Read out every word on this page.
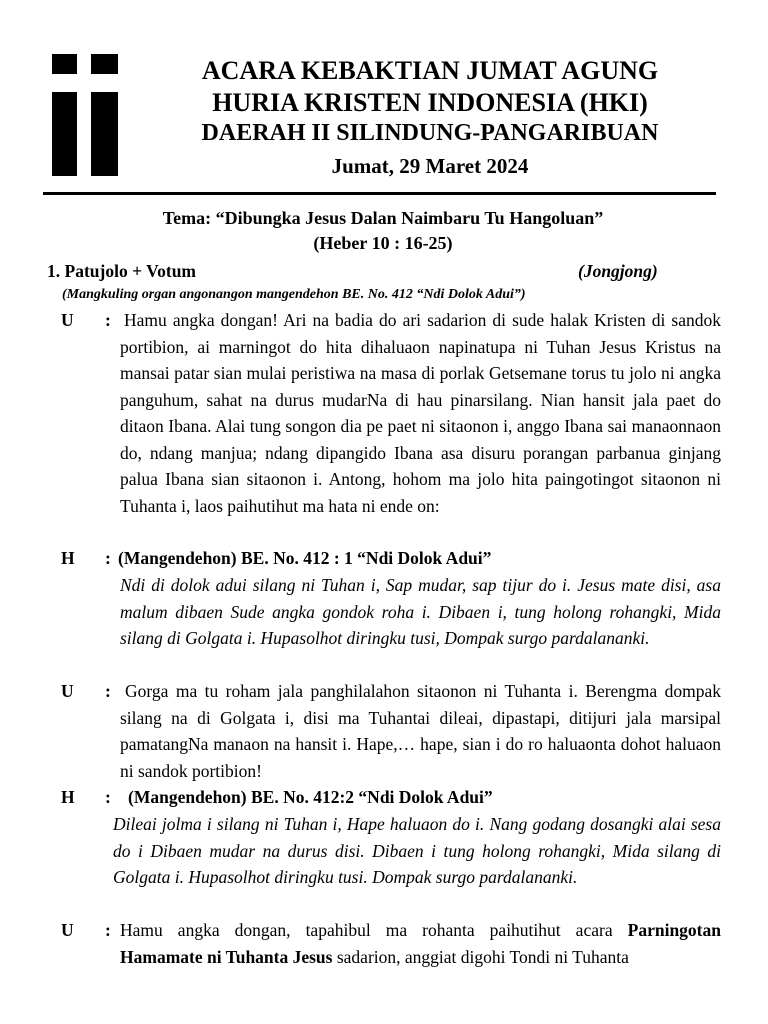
ACARA KEBAKTIAN JUMAT AGUNG
HURIA KRISTEN INDONESIA (HKI)
DAERAH II SILINDUNG-PANGARIBUAN
Jumat, 29 Maret 2024
Tema: “Dibungka Jesus Dalan Naimbaru Tu Hangoluan”
(Heber 10 : 16-25)
1. Patujolo + Votum	(Jongjong)
(Mangkuling organ angonangon mangendehon BE. No. 412 “Ndi Dolok Adui”)
U : Hamu angka dongan! Ari na badia do ari sadarion di sude halak Kristen di sandok portibion, ai marningot do hita dihaluaon napinatupa ni Tuhan Jesus Kristus na mansai patar sian mulai peristiwa na masa di porlak Getsemane torus tu jolo ni angka panguhum, sahat na durus mudarNa di hau pinarsilang. Nian hansit jala paet do ditaon Ibana. Alai tung songon dia pe paet ni sitaonon i, anggo Ibana sai manaonnaon do, ndang manjua; ndang dipangido Ibana asa disuru porangan parbanua ginjang palua Ibana sian sitaonon i. Antong, hohom ma jolo hita paingotingot sitaonon ni Tuhanta i, laos paihutihut ma hata ni ende on:
H : (Mangendehon) BE. No. 412 : 1 “Ndi Dolok Adui”
Ndi di dolok adui silang ni Tuhan i, Sap mudar, sap tijur do i. Jesus mate disi, asa malum dibaen Sude angka gondok roha i. Dibaen i, tung holong rohangki, Mida silang di Golgata i. Hupasolhot diringku tusi, Dompak surgo pardalananki.
U : Gorga ma tu roham jala panghilalahon sitaonon ni Tuhanta i. Berengma dompak silang na di Golgata i, disi ma Tuhantai dileai, dipastapi, ditijuri jala marsipal pamatangNa manaon na hansit i. Hape,… hape, sian i do ro haluaonta dohot haluaon ni sandok portibion!
H : (Mangendehon) BE. No. 412:2 “Ndi Dolok Adui”
Dileai jolma i silang ni Tuhan i, Hape haluaon do i. Nang godang dosangki alai sesa do i Dibaen mudar na durus disi. Dibaen i tung holong rohangki, Mida silang di Golgata i. Hupasolhot diringku tusi. Dompak surgo pardalananki.
U : Hamu angka dongan, tapahibul ma rohanta paihutihut acara Parningotan Hamamate ni Tuhanta Jesus sadarion, anggiat digohi Tondi ni Tuhanta
